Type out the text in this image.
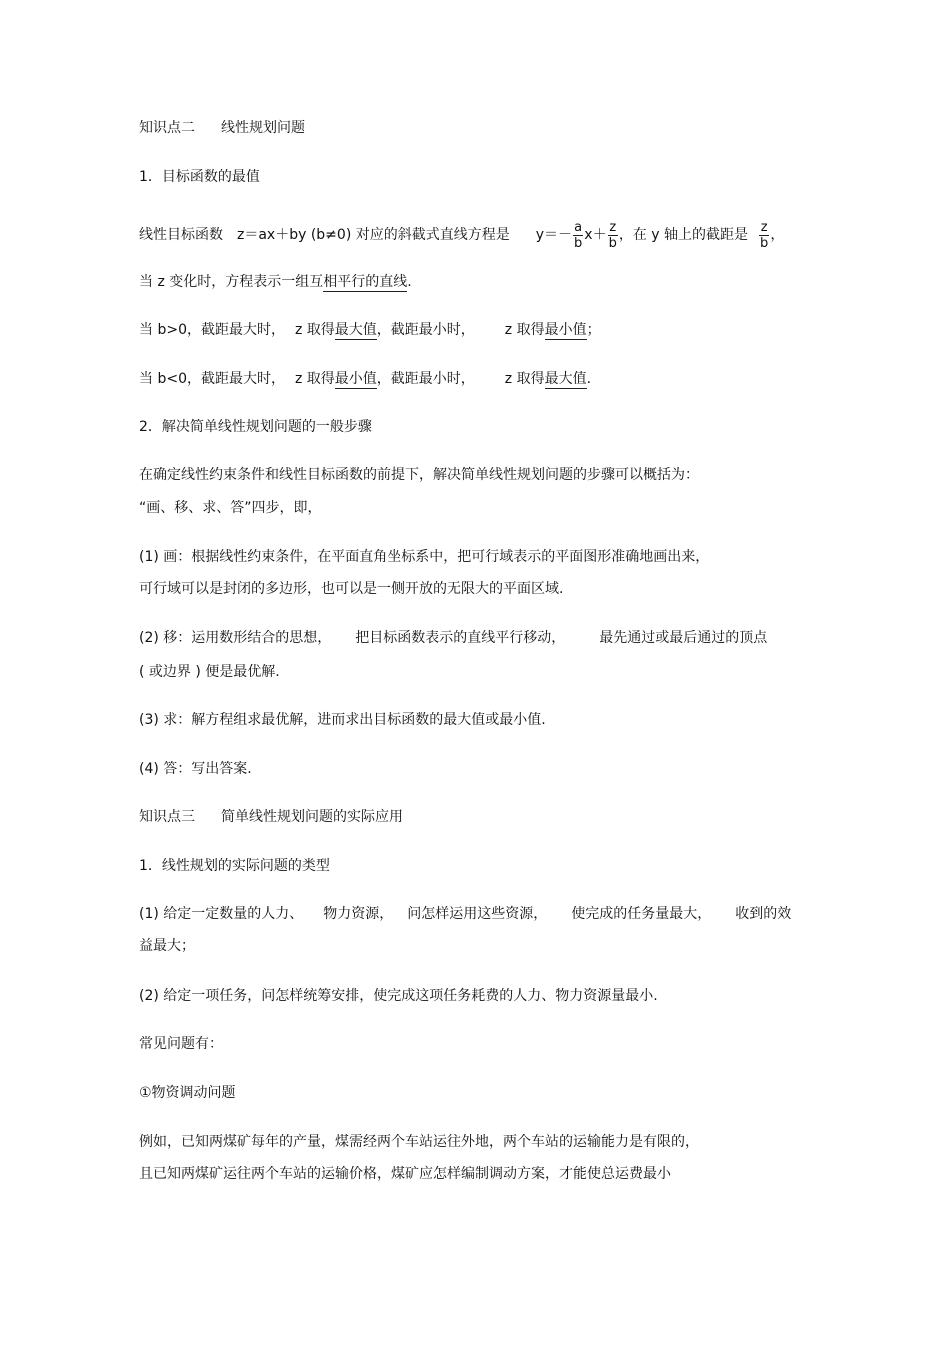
知识点二 线性规划问题
1．目标函数的最值
线性目标函数 z＝ax＋by (b≠0) 对应的斜截式直线方程是 $y=- \frac{a}{b} x+ \frac{z}{b}$ ，在 y 轴上的截距是 $\frac{z}{b}$ ，
当 z 变化时，方程表示一组互相平行的直线.
当 b>0，截距最大时， z 取得最大值，截距最小时， z 取得最小值；
当 b<0，截距最大时， z 取得最小值，截距最小时， z 取得最大值.
2．解决简单线性规划问题的一般步骤
在确定线性约束条件和线性目标函数的前提下，解决简单线性规划问题的步骤可以概括为：
“画、移、求、答”四步，即，
(1) 画：根据线性约束条件，在平面直角坐标系中，把可行域表示的平面图形准确地画出来，
可行域可以是封闭的多边形，也可以是一侧开放的无限大的平面区域.
(2) 移：运用数形结合的思想， 把目标函数表示的直线平行移动， 最先通过或最后通过的顶点
( 或边界 ) 便是最优解.
(3) 求：解方程组求最优解，进而求出目标函数的最大值或最小值.
(4) 答：写出答案.
知识点三 简单线性规划问题的实际应用
1．线性规划的实际问题的类型
(1) 给定一定数量的人力、 物力资源， 问怎样运用这些资源， 使完成的任务量最大， 收到的效
益最大；
(2) 给定一项任务，问怎样统筹安排，使完成这项任务耗费的人力、物力资源量最小.
常见问题有：
①物资调动问题
例如，已知两煤矿每年的产量，煤需经两个车站运往外地，两个车站的运输能力是有限的，
且已知两煤矿运往两个车站的运输价格，煤矿应怎样编制调动方案，才能使总运费最小
